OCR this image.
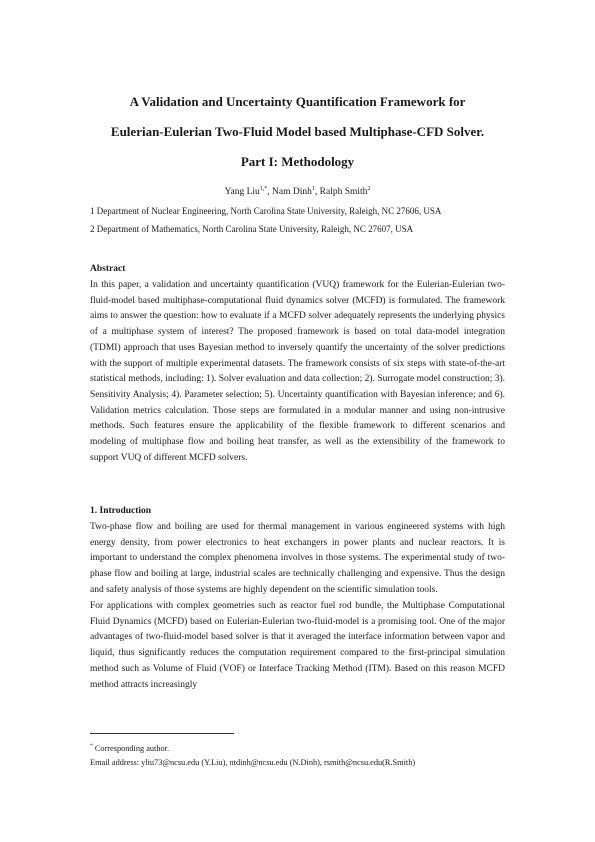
A Validation and Uncertainty Quantification Framework for
Eulerian-Eulerian Two-Fluid Model based Multiphase-CFD Solver.
Part I: Methodology
Yang Liu$^{1,*}$, Nam Dinh$^1$, Ralph Smith$^2$
1 Department of Nuclear Engineering, North Carolina State University, Raleigh, NC 27606, USA
2 Department of Mathematics, North Carolina State University, Raleigh, NC 27607, USA
Abstract

In this paper, a validation and uncertainty quantification (VUQ) framework for the Eulerian-Eulerian two-fluid-model based multiphase-computational fluid dynamics solver (MCFD) is formulated. The framework aims to answer the question: how to evaluate if a MCFD solver adequately represents the underlying physics of a multiphase system of interest? The proposed framework is based on total data-model integration (TDMI) approach that uses Bayesian method to inversely quantify the uncertainty of the solver predictions with the support of multiple experimental datasets. The framework consists of six steps with state-of-the-art statistical methods, including: 1). Solver evaluation and data collection; 2). Surrogate model construction; 3). Sensitivity Analysis; 4). Parameter selection; 5). Uncertainty quantification with Bayesian inference; and 6). Validation metrics calculation. Those steps are formulated in a modular manner and using non-intrusive methods. Such features ensure the applicability of the flexible framework to different scenarios and modeling of multiphase flow and boiling heat transfer, as well as the extensibility of the framework to support VUQ of different MCFD solvers.

1. Introduction

Two-phase flow and boiling are used for thermal management in various engineered systems with high energy density, from power electronics to heat exchangers in power plants and nuclear reactors. It is important to understand the complex phenomena involves in those systems. The experimental study of two-phase flow and boiling at large, industrial scales are technically challenging and expensive. Thus the design and safety analysis of those systems are highly dependent on the scientific simulation tools.

For applications with complex geometries such as reactor fuel rod bundle, the Multiphase Computational Fluid Dynamics (MCFD) based on Eulerian-Eulerian two-fluid-model is a promising tool. One of the major advantages of two-fluid-model based solver is that it averaged the interface information between vapor and liquid, thus significantly reduces the computation requirement compared to the first-principal simulation method such as Volume of Fluid (VOF) or Interface Tracking Method (ITM). Based on this reason MCFD method attracts increasingly

* Corresponding author.
Email address: yliu73@ncsu.edu (Y.Liu), ntdinh@ncsu.edu (N.Dinh), rsmith@ncsu.edu(R.Smith)
